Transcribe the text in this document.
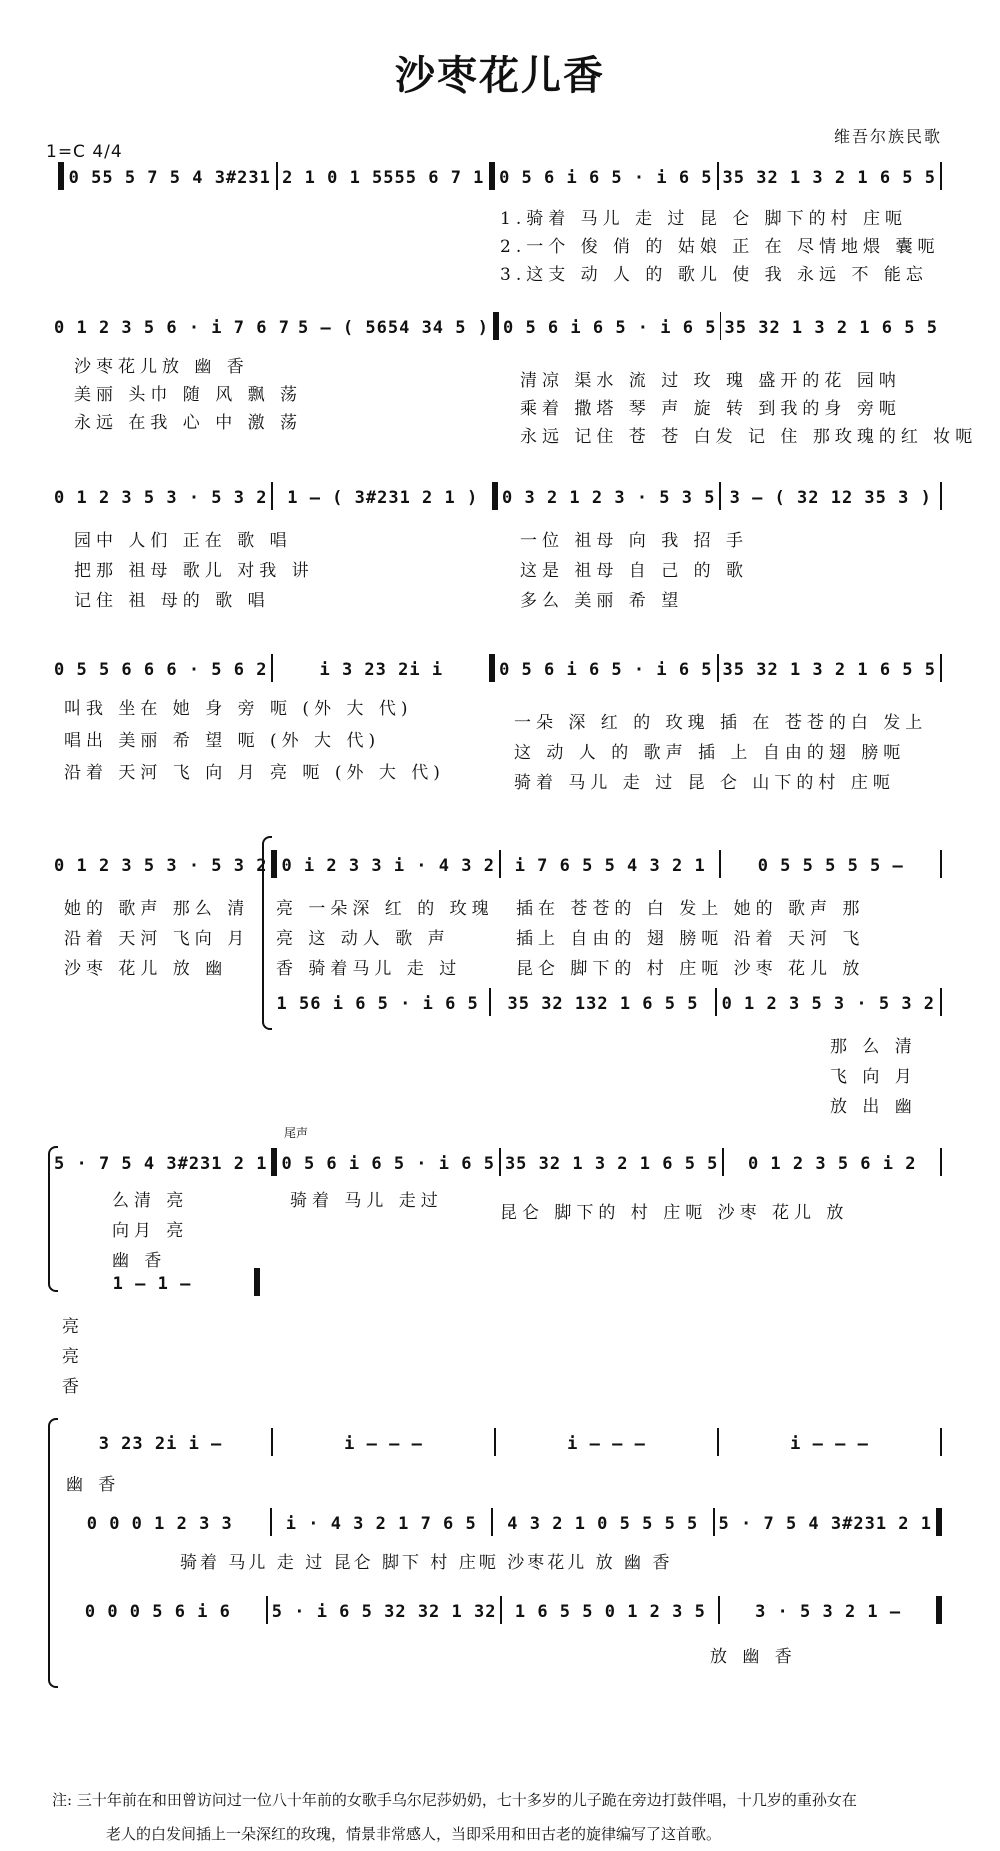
沙枣花儿香
维吾尔族民歌
1=C 4/4
0 55 5 7 5 4 3#231 2 1 0 1 5555 6 7 1 0 5 6 i 6 5 · i 6 5 35 32 1 3 2 1 6 5 5
1.骑着 马儿 走 过 昆 仑 脚下的村 庄呃
2.一个 俊 俏 的 姑娘 正 在 尽情地煨 囊呃
3.这支 动 人 的 歌儿 使 我 永远 不 能忘
0 1 2 3 5 6 · i 7 6 7 5 — ( 5654 34 5 ) 0 5 6 i 6 5 · i 6 5 35 32 1 3 2 1 6 5 5
沙枣花儿放 幽 香
美丽 头巾 随 风 飘 荡
永远 在我 心 中 激 荡
清凉 渠水 流 过 玫 瑰 盛开的花 园呐
乘着 撒塔 琴 声 旋 转 到我的身 旁呃
永远 记住 苍 苍 白发 记 住 那玫瑰的红 妆呃
0 1 2 3 5 3 · 5 3 2	1 — ( 3#231 2 1 )	0 3 2 1 2 3 · 5 3 5 3 — ( 32 12 35 3 )
园中 人们 正在 歌 唱
把那 祖母 歌儿 对我 讲
记住 祖 母的 歌 唱
一位 祖母 向 我 招 手
这是 祖母 自 己 的 歌
多么 美丽 希 望
0 5 5 6 6 6 · 5 6 2	i 3 23 2i i	0 5 6 i 6 5 · i 6 5 35 32 1 3 2 1 6 5 5
叫我 坐在 她 身 旁 呃 (外 大 代)
唱出 美丽 希 望 呃 (外 大 代)
沿着 天河 飞 向 月 亮 呃 (外 大 代)
一朵 深 红 的 玫瑰 插 在 苍苍的白 发上
这 动 人 的 歌声 插 上 自由的翅 膀呃
骑着 马儿 走 过 昆 仑 山下的村 庄呃
0 1 2 3 5 3 · 5 3 2 0 i 2 3 3 i · 4 3 2	i 7 6 5 5 4 3 2 1	0 5 5 5 5 5 —
她的 歌声 那么 清
沿着 天河 飞向 月
沙枣 花儿 放 幽
亮 一朵深 红 的 玫瑰
亮 这 动人 歌 声
香 骑着马儿 走 过
插在 苍苍的 白 发上 她的 歌声 那
插上 自由的 翅 膀呃 沿着 天河 飞
昆仑 脚下的 村 庄呃 沙枣 花儿 放
1 56 i 6 5 · i 6 5	35 32 132 1 6 5 5	0 1 2 3 5 3 · 5 3 2
那 么 清
飞 向 月
放 出 幽
尾声
5 · 7 5 4 3#231 2 1 0 5 6 i 6 5 · i 6 5 35 32 1 3 2 1 6 5 5	0 1 2 3 5 6 i 2
么清 亮
向月 亮
幽 香
骑着 马儿 走过
昆仑 脚下的 村 庄呃 沙枣 花儿 放
1 — 1 —
亮
亮
香
3 23 2i i —	i — — —	i — — —	i — — —
幽 香
0 0 0 1 2 3 3	i · 4 3 2 1 7 6 5	4 3 2 1 0 5 5 5 5	5 · 7 5 4 3#231 2 1
骑着 马儿 走 过 昆仑 脚下 村 庄呃 沙枣花儿 放 幽 香
0 0 0 5 6 i 6	5 · i 6 5 32 32 1 32	1 6 5 5 0 1 2 3 5	3 · 5 3 2 1 —
放 幽 香
注: 三十年前在和田曾访问过一位八十年前的女歌手乌尔尼莎奶奶，七十多岁的儿子跪在旁边打鼓伴唱，十几岁的重孙女在
老人的白发间插上一朵深红的玫瑰，情景非常感人，当即采用和田古老的旋律编写了这首歌。
